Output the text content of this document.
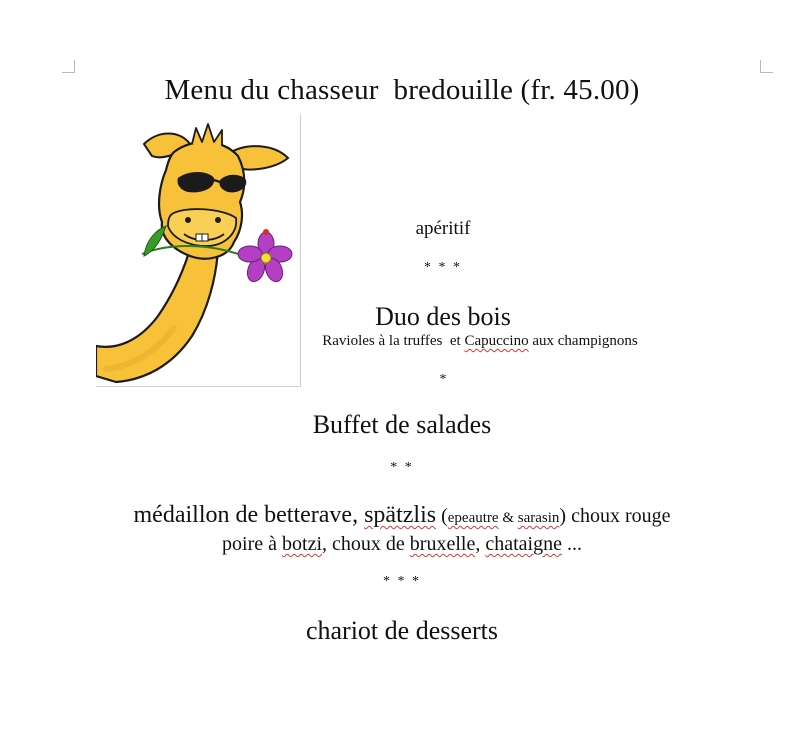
Menu du chasseur  bredouille (fr. 45.00)
apéritif
* * *
Duo des bois
Ravioles à la truffes  et Capuccino aux champignons
*
Buffet de salades
* *
médaillon de betterave, spätzlis (epeautre & sarasin) choux rouge
poire à botzi, choux de bruxelle, chataigne ...
* * *
chariot de desserts
